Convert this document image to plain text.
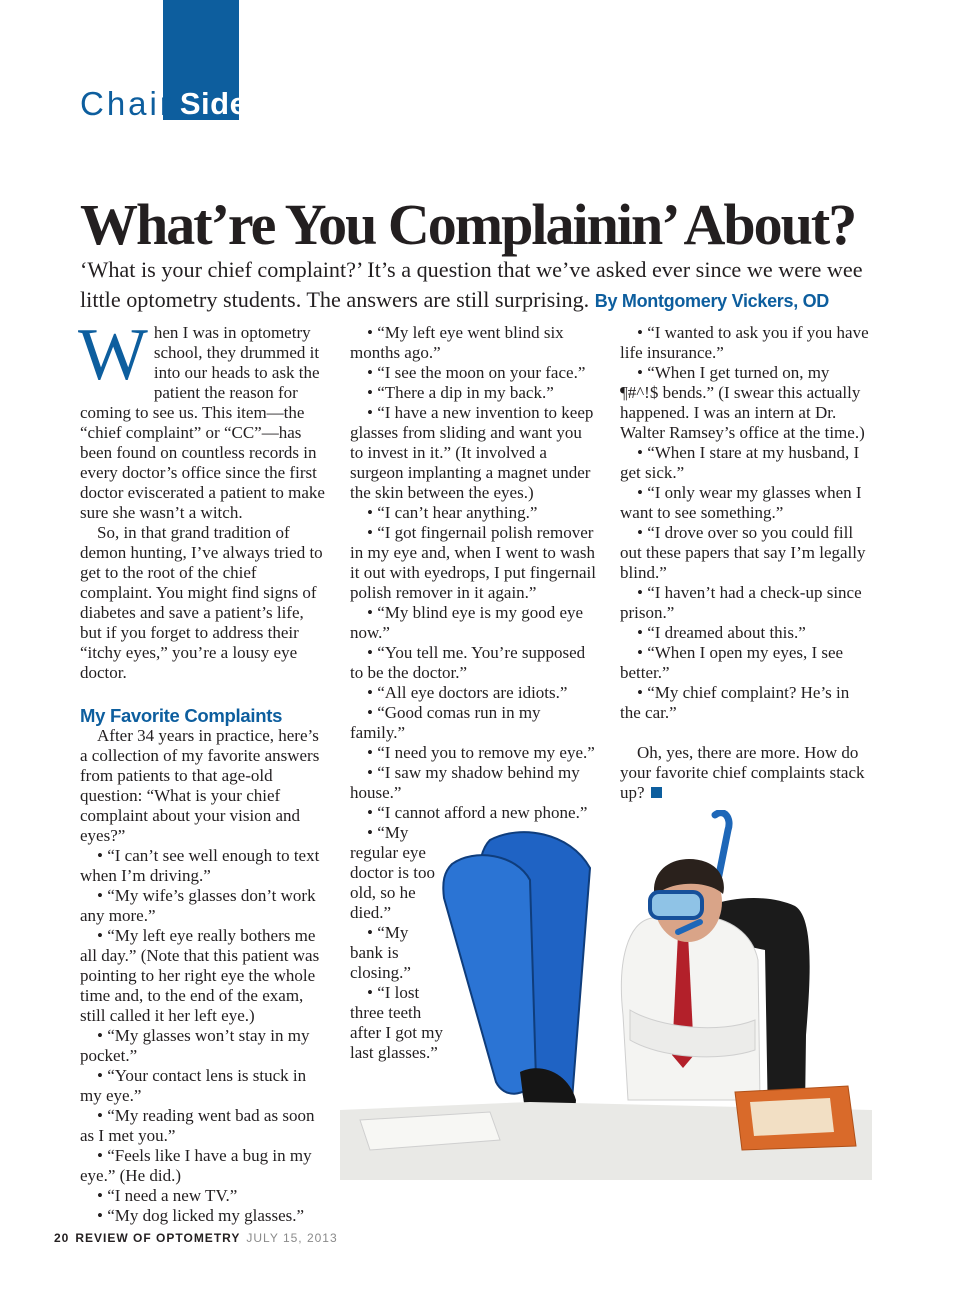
Chair Side
What’re You Complainin’ About?

‘What is your chief complaint?’ It’s a question that we’ve asked ever since we were wee little optometry students. The answers are still surprising. By Montgomery Vickers, OD

When I was in optometry school, they drummed it into our heads to ask the patient the reason for coming to see us. This item—the “chief complaint” or “CC”—has been found on countless records in every doctor’s office since the first doctor eviscerated a patient to make sure she wasn’t a witch.

So, in that grand tradition of demon hunting, I’ve always tried to get to the root of the chief complaint. You might find signs of diabetes and save a patient’s life, but if you forget to address their “itchy eyes,” you’re a lousy eye doctor.

My Favorite Complaints

After 34 years in practice, here’s a collection of my favorite answers from patients to that age-old question: “What is your chief complaint about your vision and eyes?”

• “I can’t see well enough to text when I’m driving.”

• “My wife’s glasses don’t work any more.”

• “My left eye really bothers me all day.” (Note that this patient was pointing to her right eye the whole time and, to the end of the exam, still called it her left eye.)

• “My glasses won’t stay in my pocket.”

• “Your contact lens is stuck in my eye.”

• “My reading went bad as soon as I met you.”

• “Feels like I have a bug in my eye.” (He did.)

• “I need a new TV.”

• “My dog licked my glasses.”

• “My left eye went blind six months ago.”

• “I see the moon on your face.”

• “There a dip in my back.”

• “I have a new invention to keep glasses from sliding and want you to invest in it.” (It involved a surgeon implanting a magnet under the skin between the eyes.)

• “I can’t hear anything.”

• “I got fingernail polish remover in my eye and, when I went to wash it out with eyedrops, I put fingernail polish remover in it again.”

• “My blind eye is my good eye now.”

• “You tell me. You’re supposed to be the doctor.”

• “All eye doctors are idiots.”

• “Good comas run in my family.”

• “I need you to remove my eye.”

• “I saw my shadow behind my house.”

• “I cannot afford a new phone.”

• “My regular eye doctor is too old, so he died.”

• “My bank is closing.”

• “I lost three teeth after I got my last glasses.”

• “I wanted to ask you if you have life insurance.”

• “When I get turned on, my ¶#^!$ bends.” (I swear this actually happened. I was an intern at Dr. Walter Ramsey’s office at the time.)

• “When I stare at my husband, I get sick.”

• “I only wear my glasses when I want to see something.”

• “I drove over so you could fill out these papers that say I’m legally blind.”

• “I haven’t had a check-up since prison.”

• “I dreamed about this.”

• “When I open my eyes, I see better.”

• “My chief complaint? He’s in the car.”

Oh, yes, there are more. How do your favorite chief complaints stack up?

20 REVIEW OF OPTOMETRY JULY 15, 2013
